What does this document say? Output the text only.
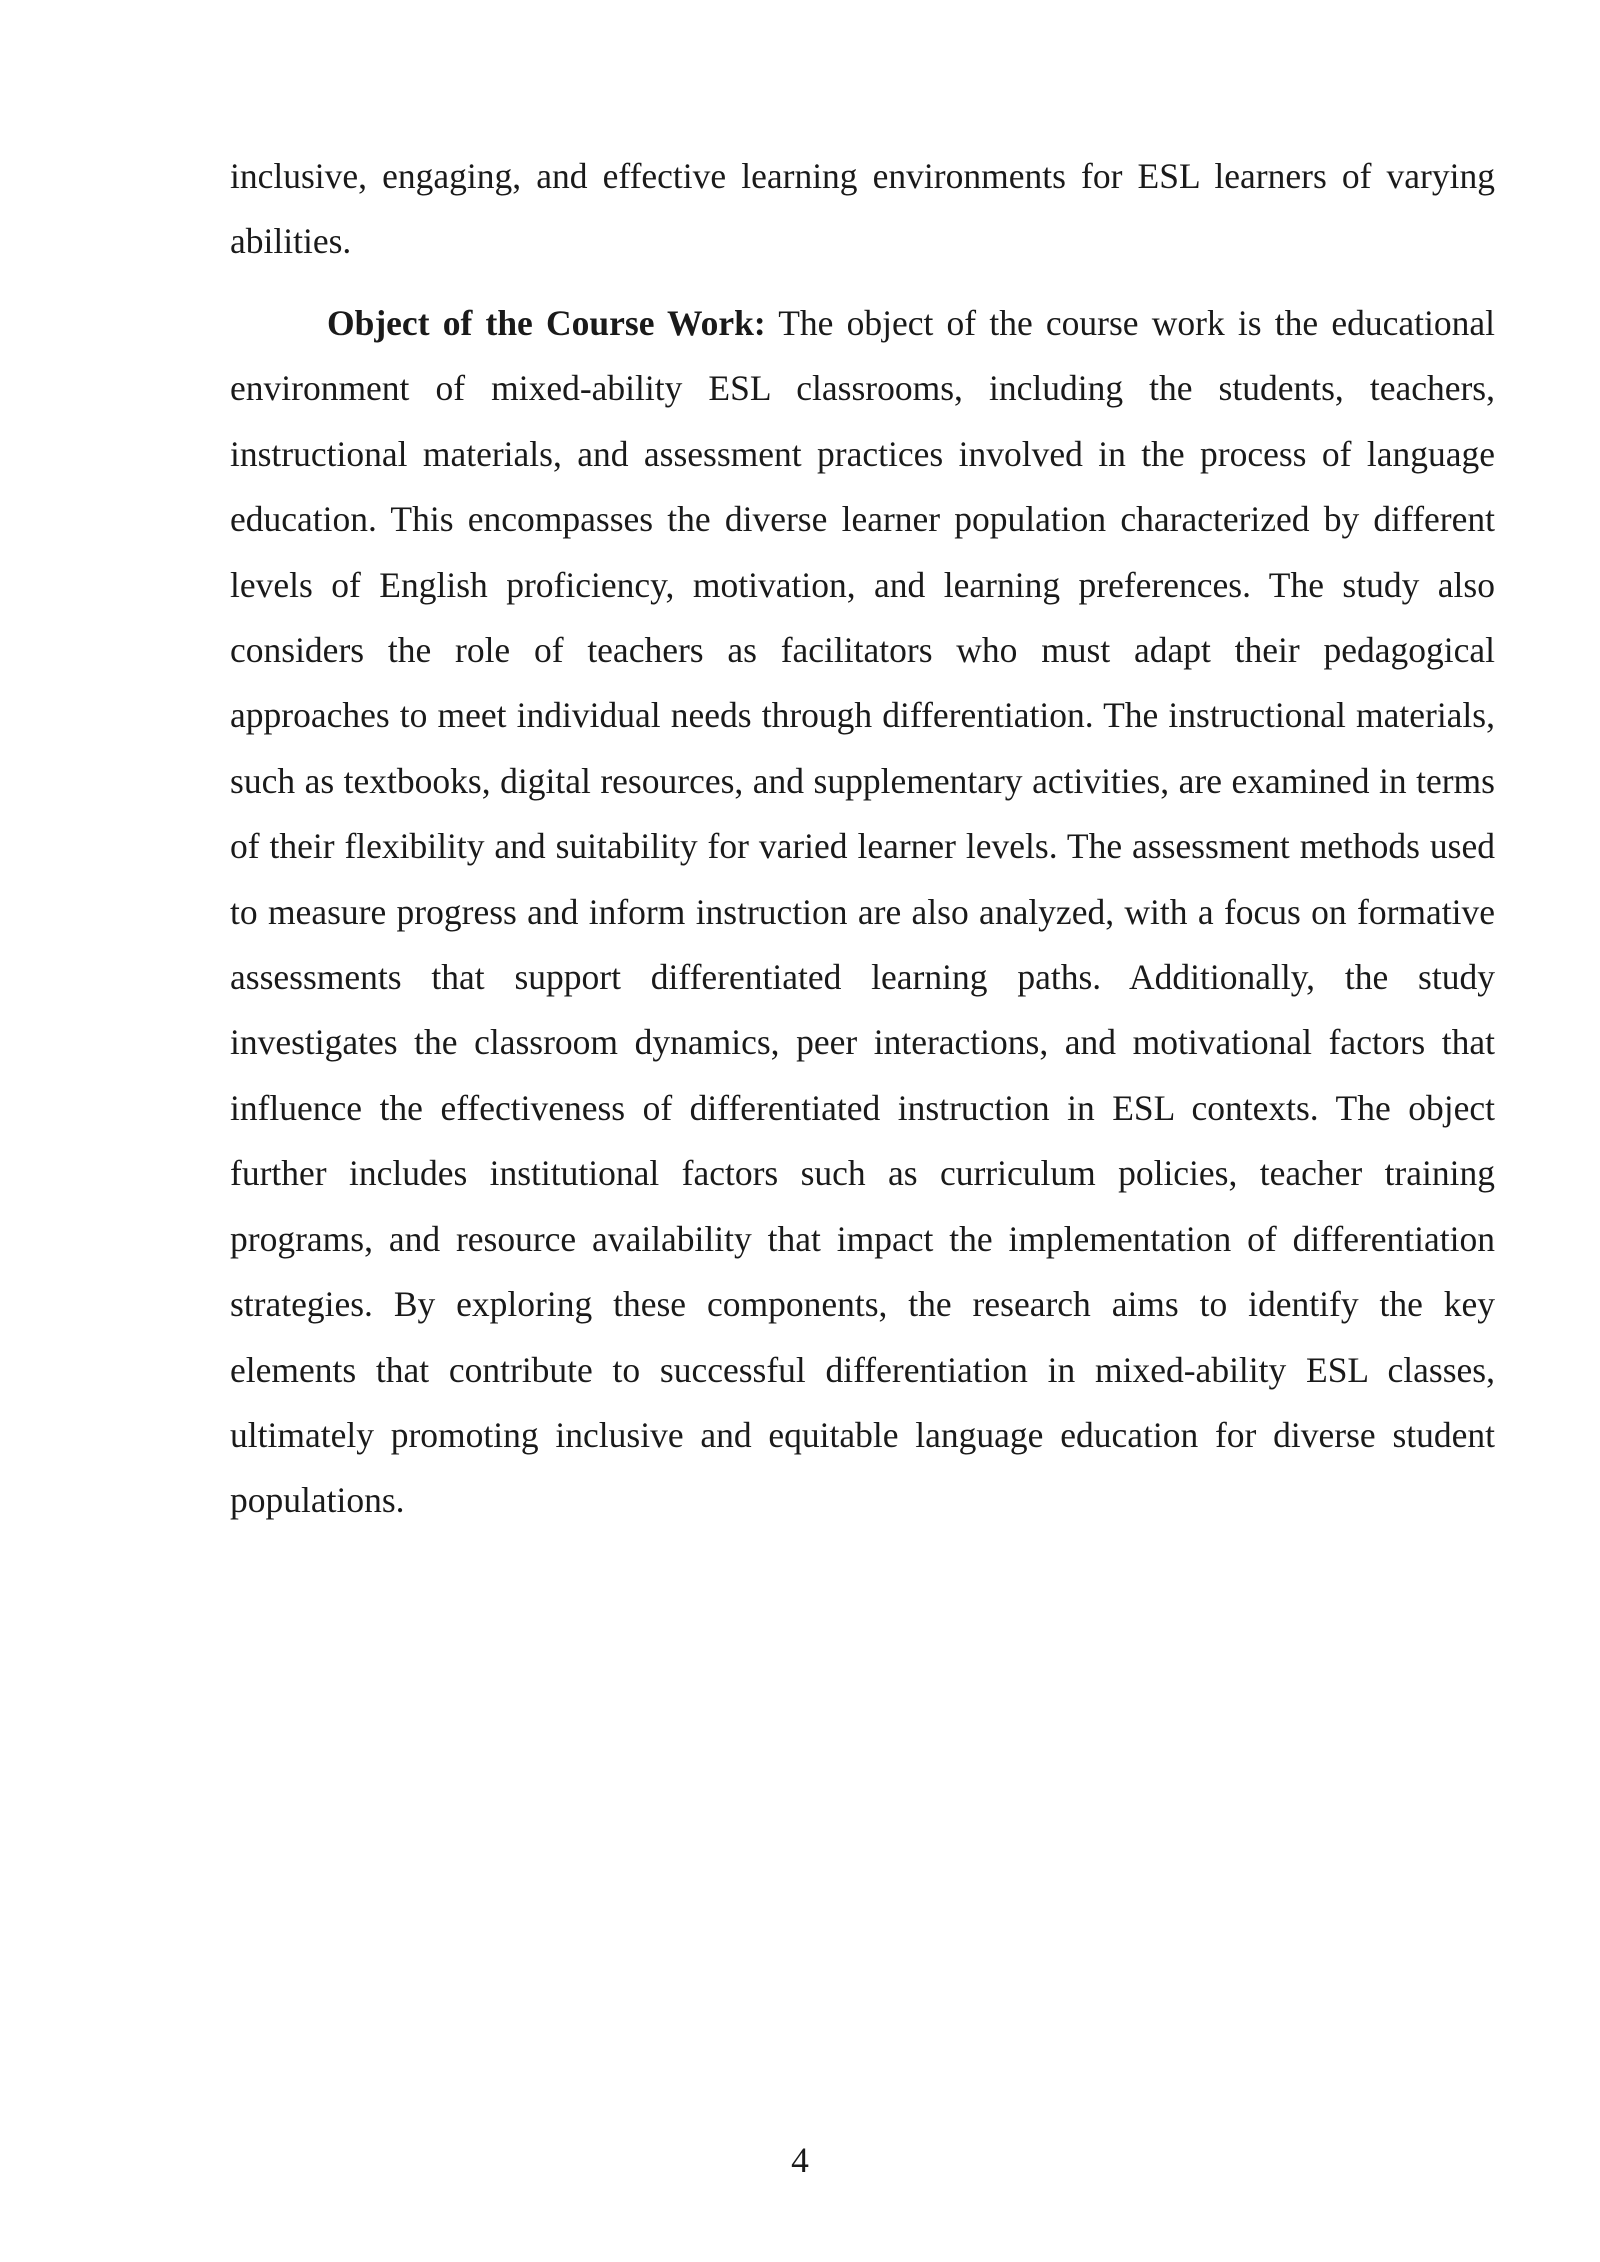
inclusive, engaging, and effective learning environments for ESL learners of varying abilities.

Object of the Course Work: The object of the course work is the educational environment of mixed-ability ESL classrooms, including the students, teachers, instructional materials, and assessment practices involved in the process of language education. This encompasses the diverse learner population characterized by different levels of English proficiency, motivation, and learning preferences. The study also considers the role of teachers as facilitators who must adapt their pedagogical approaches to meet individual needs through differentiation. The instructional materials, such as textbooks, digital resources, and supplementary activities, are examined in terms of their flexibility and suitability for varied learner levels. The assessment methods used to measure progress and inform instruction are also analyzed, with a focus on formative assessments that support differentiated learning paths. Additionally, the study investigates the classroom dynamics, peer interactions, and motivational factors that influence the effectiveness of differentiated instruction in ESL contexts. The object further includes institutional factors such as curriculum policies, teacher training programs, and resource availability that impact the implementation of differentiation strategies. By exploring these components, the research aims to identify the key elements that contribute to successful differentiation in mixed-ability ESL classes, ultimately promoting inclusive and equitable language education for diverse student populations.

4
